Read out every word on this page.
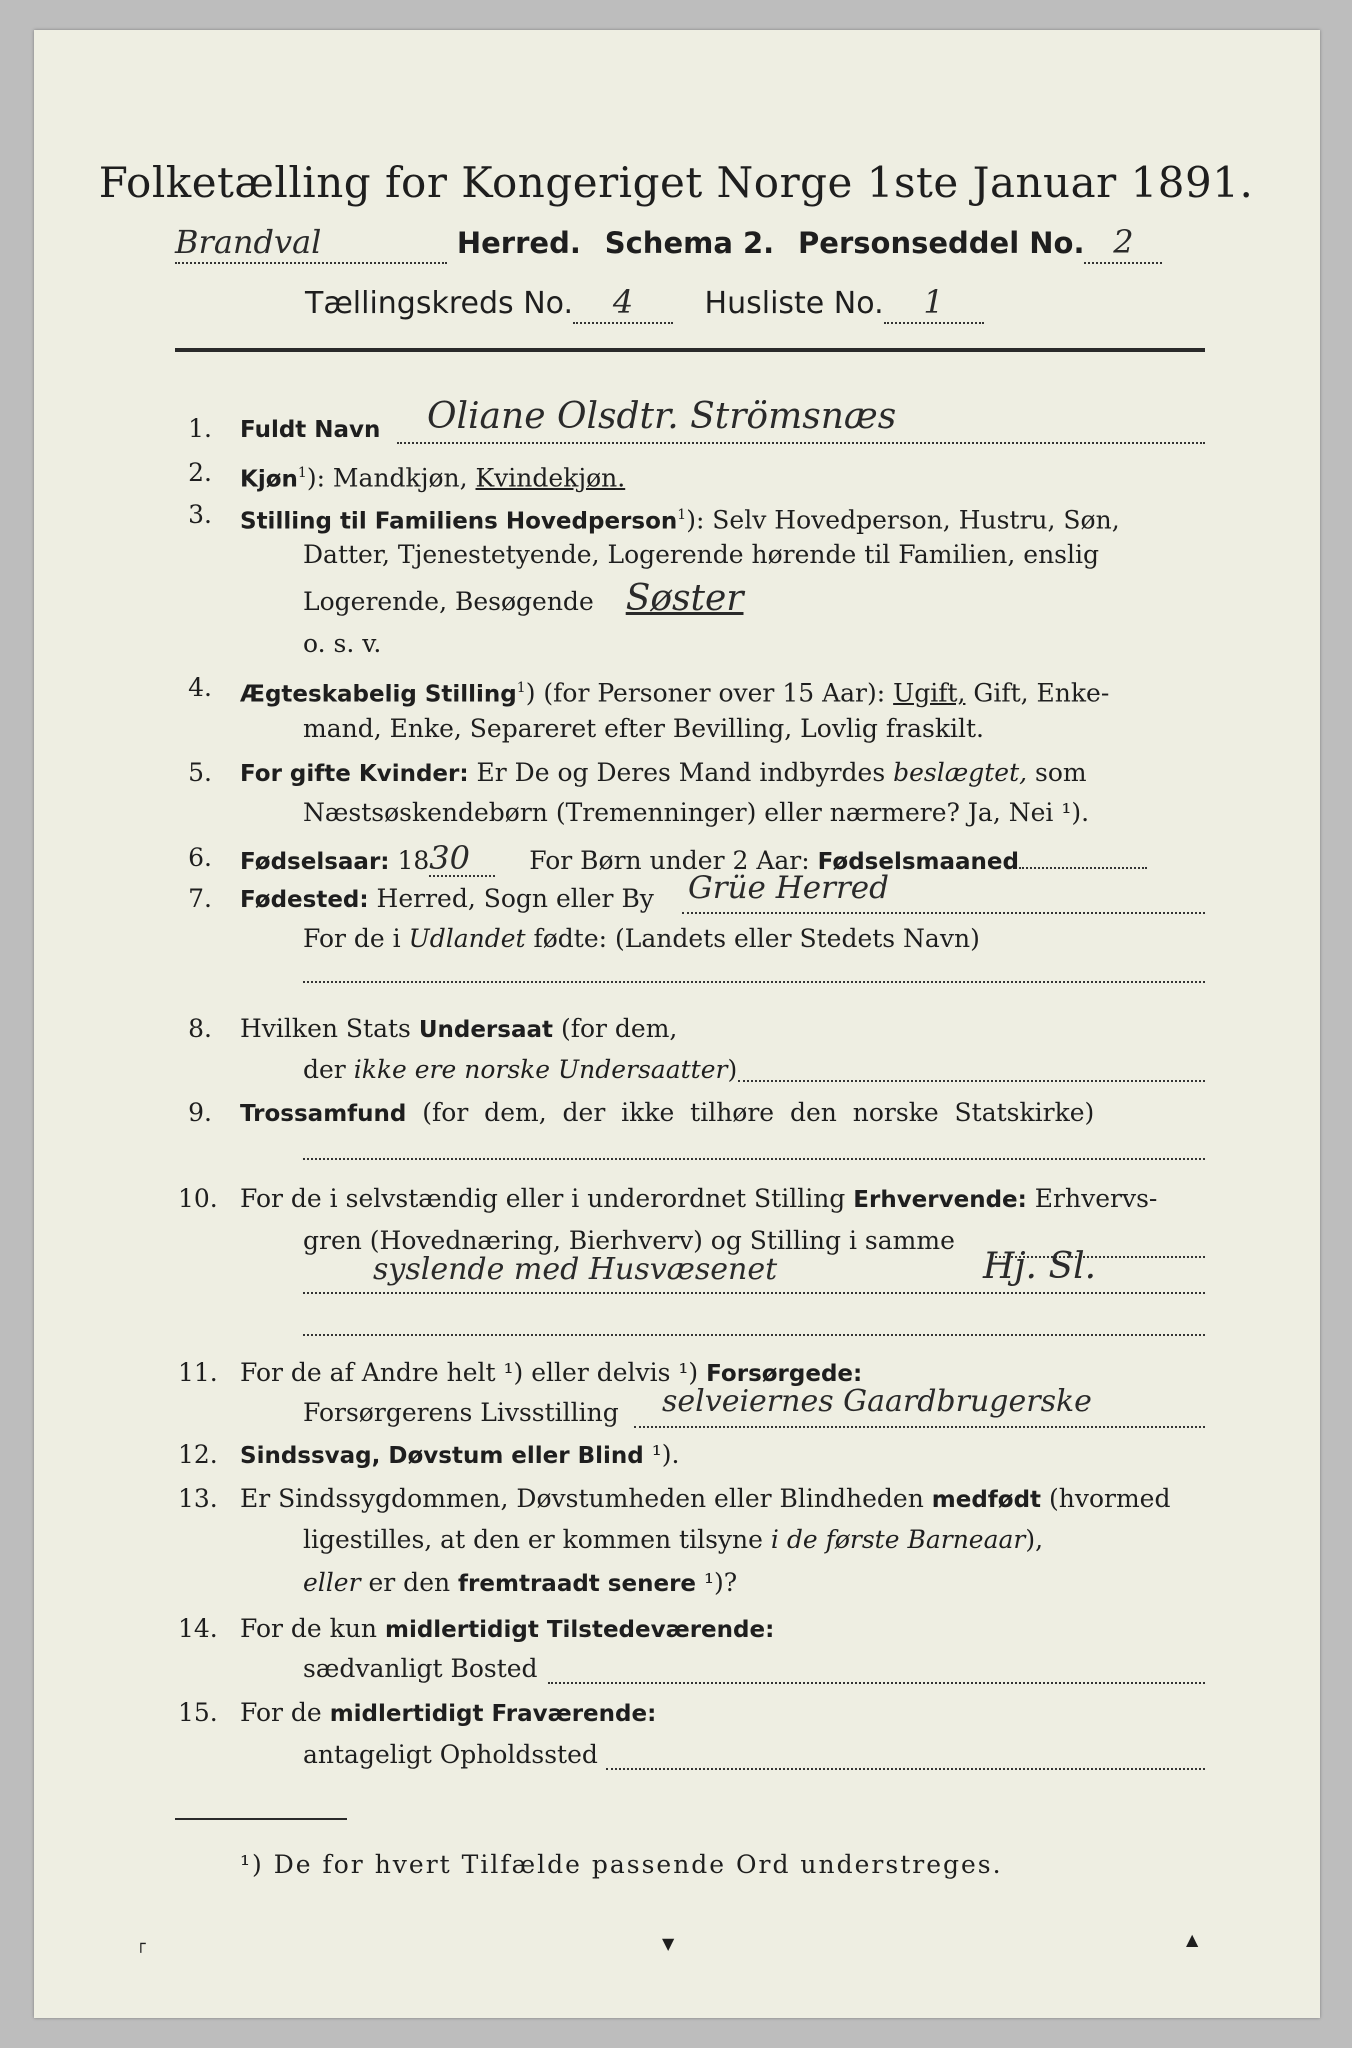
Folketælling for Kongeriget Norge 1ste Januar 1891.
Brandval	Herred. Schema 2. Personseddel No. 2
Tællingskreds No. 4 Husliste No. 1
1. Fuldt Navn Oliane Olsdtr. Strömsnæs
2. Kjøn$^1$): Mandkjøn, Kvindekjøn.
3. Stilling til Familiens Hovedperson$^1$): Selv Hovedperson, Hustru, Søn,
Datter, Tjenestetyende, Logerende hørende til Familien, enslig
Logerende, Besøgende Søster
o. s. v.
4. Ægteskabelig Stilling$^1$) (for Personer over 15 Aar): Ugift, Gift, Enke-
mand, Enke, Separeret efter Bevilling, Lovlig fraskilt.
5. For gifte Kvinder: Er De og Deres Mand indbyrdes beslægtet, som
Næstsøskendebørn (Tremenninger) eller nærmere? Ja, Nei ¹).
6. Fødselsaar: 1830 For Børn under 2 Aar: Fødselsmaaned
7. Fødested: Herred, Sogn eller By Grüe Herred
For de i Udlandet fødte: (Landets eller Stedets Navn)
8. Hvilken Stats Undersaat (for dem,
der ikke ere norske Undersaatter)
9. Trossamfund  (for  dem,  der  ikke  tilhøre  den  norske  Statskirke)
10. For de i selvstændig eller i underordnet Stilling Erhvervende: Erhvervs-
gren (Hovednæring, Bierhverv) og Stilling i samme
syslende med Husvæsenet	Hj. Sl.
11. For de af Andre helt ¹) eller delvis ¹) Forsørgede:
Forsørgerens Livsstilling selveiernes Gaardbrugerske
12. Sindssvag, Døvstum eller Blind ¹).
13. Er Sindssygdommen, Døvstumheden eller Blindheden medfødt (hvormed
ligestilles, at den er kommen tilsyne i de første Barneaar),
eller er den fremtraadt senere ¹)?
14. For de kun midlertidigt Tilstedeværende:
sædvanligt Bosted
15. For de midlertidigt Fraværende:
antageligt Opholdssted
¹) De for hvert Tilfælde passende Ord understreges.
┌	▼	▲
